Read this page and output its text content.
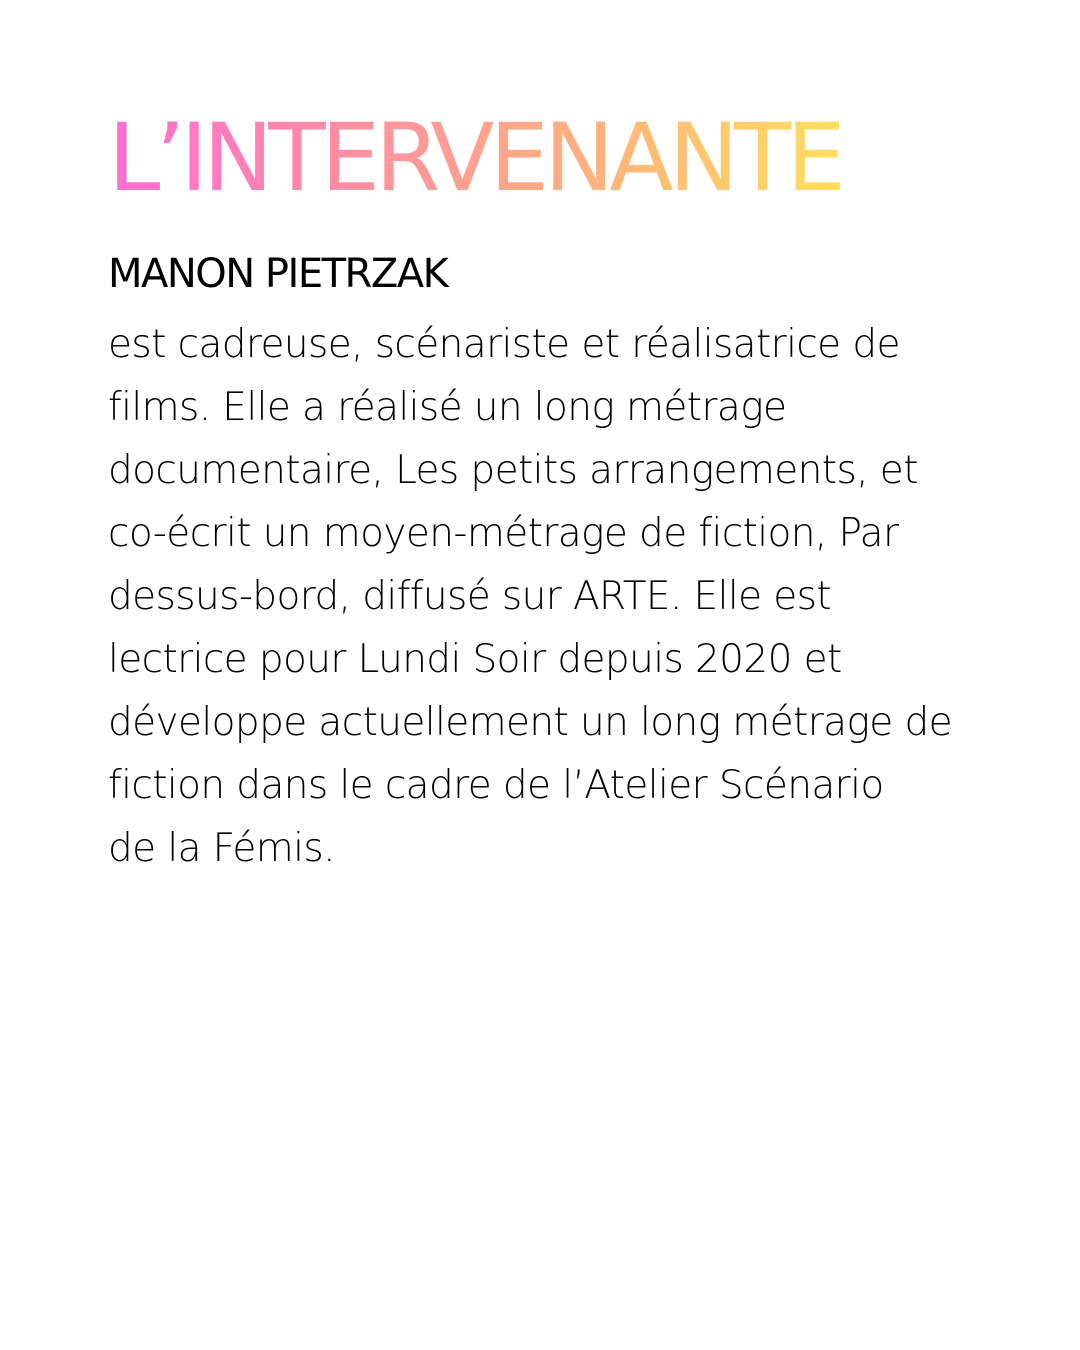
L’INTERVENANTE
MANON PIETRZAK

est cadreuse, scénariste et réalisatrice de
films. Elle a réalisé un long métrage
documentaire, Les petits arrangements, et
co-écrit un moyen-métrage de fiction, Par
dessus-bord, diffusé sur ARTE. Elle est
lectrice pour Lundi Soir depuis 2020 et
développe actuellement un long métrage de
fiction dans le cadre de l’Atelier Scénario
de la Fémis.
